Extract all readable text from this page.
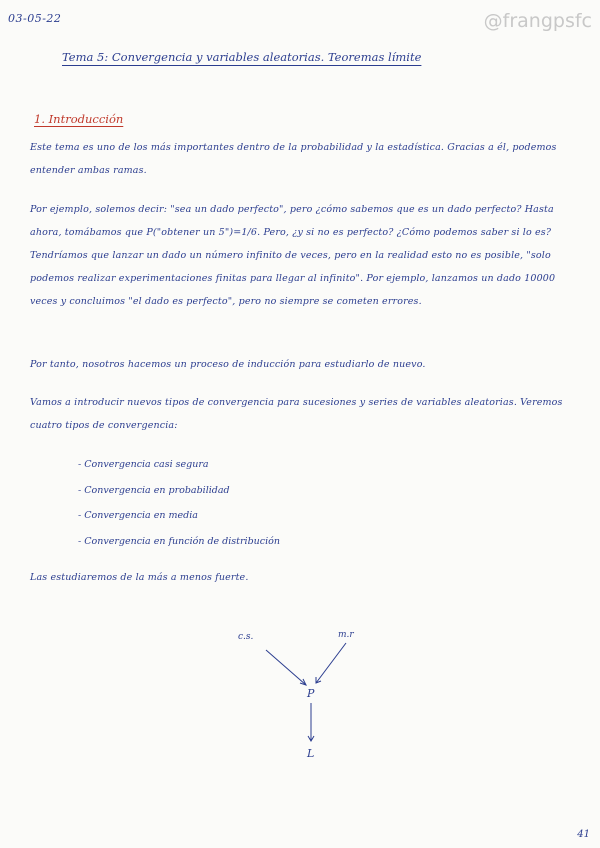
03-05-22	@frangpsfc
Tema 5: Convergencia y variables aleatorias. Teoremas límite
1. Introducción
Este tema es uno de los más importantes dentro de la probabilidad y la estadística. Gracias a él, podemos entender ambas ramas.
Por ejemplo, solemos decir: "sea un dado perfecto", pero ¿cómo sabemos que es un dado perfecto? Hasta ahora, tomábamos que P("obtener un 5")=1/6. Pero, ¿y si no es perfecto? ¿Cómo podemos saber si lo es? Tendríamos que lanzar un dado un número infinito de veces, pero en la realidad esto no es posible, "solo podemos realizar experimentaciones finitas para llegar al infinito". Por ejemplo, lanzamos un dado 10000 veces y concluimos "el dado es perfecto", pero no siempre se cometen errores.
Por tanto, nosotros hacemos un proceso de inducción para estudiarlo de nuevo.
Vamos a introducir nuevos tipos de convergencia para sucesiones y series de variables aleatorias. Veremos cuatro tipos de convergencia:
- Convergencia casi segura
- Convergencia en probabilidad
- Convergencia en media
- Convergencia en función de distribución
Las estudiaremos de la más a menos fuerte.
c.s.	m.r
P
L
41
